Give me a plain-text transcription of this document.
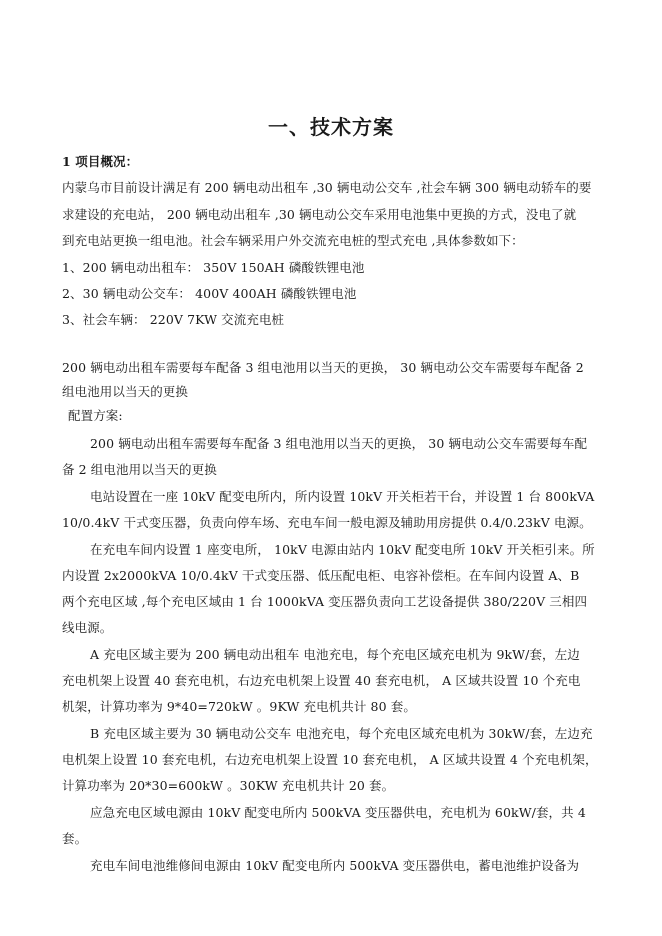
一、技术方案
1 项目概况：
内蒙乌市目前设计满足有 200 辆电动出租车 ,30 辆电动公交车 ,社会车辆 300 辆电动轿车的要
求建设的充电站， 200 辆电动出租车 ,30 辆电动公交车采用电池集中更换的方式，没电了就
到充电站更换一组电池。社会车辆采用户外交流充电桩的型式充电 ,具体参数如下：
1、200 辆电动出租车： 350V 150AH 磷酸铁锂电池
2、30 辆电动公交车： 400V 400AH 磷酸铁锂电池
3、社会车辆： 220V 7KW 交流充电桩
200 辆电动出租车需要每车配备 3 组电池用以当天的更换， 30 辆电动公交车需要每车配备 2
组电池用以当天的更换
配置方案:
200 辆电动出租车需要每车配备 3 组电池用以当天的更换， 30 辆电动公交车需要每车配
备 2 组电池用以当天的更换
电站设置在一座 10kV 配变电所内，所内设置 10kV 开关柜若干台，并设置 1 台 800kVA
10/0.4kV 干式变压器，负责向停车场、充电车间一般电源及辅助用房提供 0.4/0.23kV 电源。
在充电车间内设置 1 座变电所， 10kV 电源由站内 10kV 配变电所 10kV 开关柜引来。所
内设置 2x2000kVA 10/0.4kV 干式变压器、低压配电柜、电容补偿柜。在车间内设置 A、B
两个充电区域 ,每个充电区域由 1 台 1000kVA 变压器负责向工艺设备提供 380/220V 三相四
线电源。
A 充电区域主要为 200 辆电动出租车 电池充电，每个充电区域充电机为 9kW/套，左边
充电机架上设置 40 套充电机，右边充电机架上设置 40 套充电机， A 区域共设置 10 个充电
机架，计算功率为 9*40=720kW 。9KW 充电机共计 80 套。
B 充电区域主要为 30 辆电动公交车 电池充电，每个充电区域充电机为 30kW/套，左边充
电机架上设置 10 套充电机，右边充电机架上设置 10 套充电机， A 区域共设置 4 个充电机架，
计算功率为 20*30=600kW 。30KW 充电机共计 20 套。
应急充电区域电源由 10kV 配变电所内 500kVA 变压器供电，充电机为 60kW/套，共 4
套。
充电车间电池维修间电源由 10kV 配变电所内 500kVA 变压器供电，蓄电池维护设备为
